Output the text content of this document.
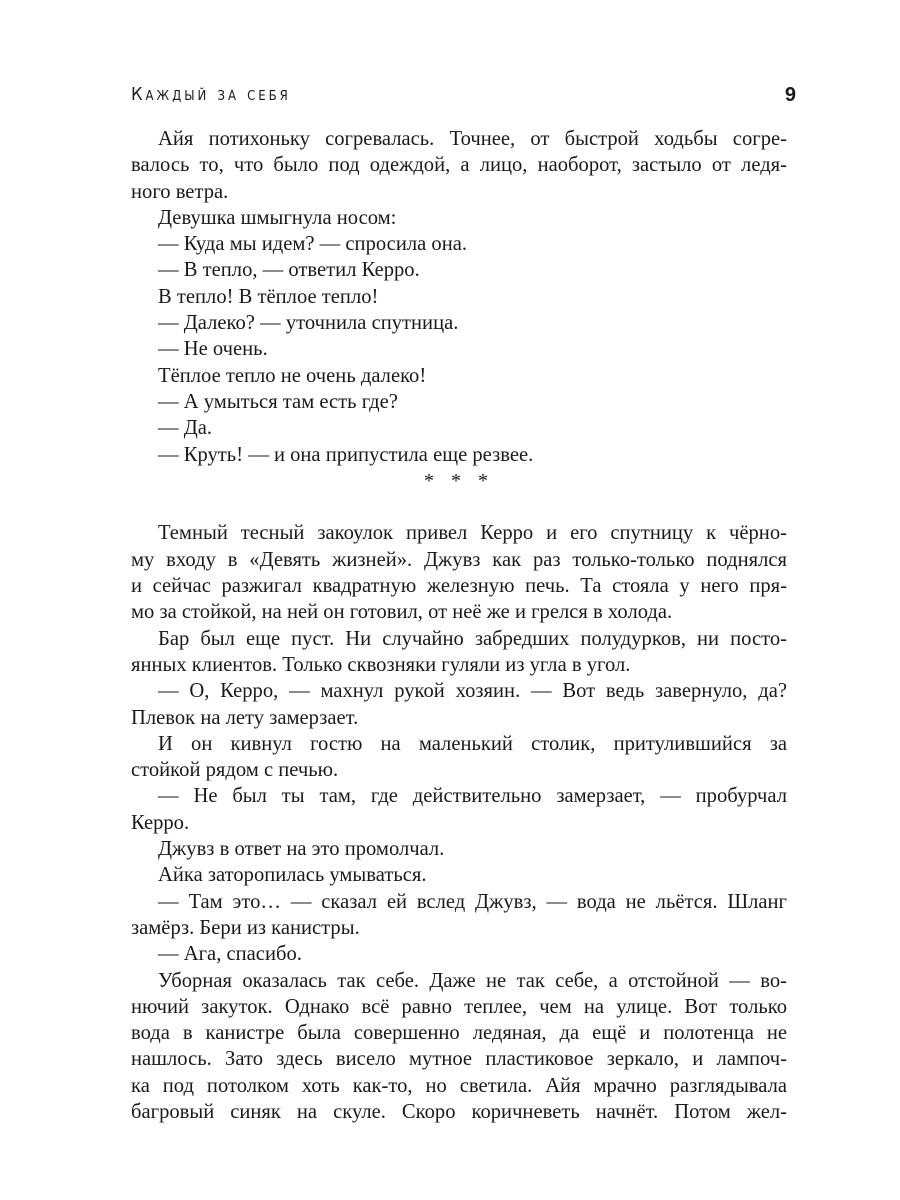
Каждый за себя	9
Айя потихоньку согревалась. Точнее, от быстрой ходьбы согре-
валось то, что было под одеждой, а лицо, наоборот, застыло от ледя-
ного ветра.
Девушка шмыгнула носом:
— Куда мы идем? — спросила она.
— В тепло, — ответил Керро.
В тепло! В тёплое тепло!
— Далеко? — уточнила спутница.
— Не очень.
Тёплое тепло не очень далеко!
— А умыться там есть где?
— Да.
— Круть! — и она припустила еще резвее.
* * *
Темный тесный закоулок привел Керро и его спутницу к чёрно-
му входу в «Девять жизней». Джувз как раз только-только поднялся
и сейчас разжигал квадратную железную печь. Та стояла у него пря-
мо за стойкой, на ней он готовил, от неё же и грелся в холода.
Бар был еще пуст. Ни случайно забредших полудурков, ни посто-
янных клиентов. Только сквозняки гуляли из угла в угол.
— О, Керро, — махнул рукой хозяин. — Вот ведь завернуло, да?
Плевок на лету замерзает.
И он кивнул гостю на маленький столик, притулившийся за
стойкой рядом с печью.
— Не был ты там, где действительно замерзает, — пробурчал
Керро.
Джувз в ответ на это промолчал.
Айка заторопилась умываться.
— Там это… — сказал ей вслед Джувз, — вода не льётся. Шланг
замёрз. Бери из канистры.
— Ага, спасибо.
Уборная оказалась так себе. Даже не так себе, а отстойной — во-
нючий закуток. Однако всё равно теплее, чем на улице. Вот только
вода в канистре была совершенно ледяная, да ещё и полотенца не
нашлось. Зато здесь висело мутное пластиковое зеркало, и лампоч-
ка под потолком хоть как-то, но светила. Айя мрачно разглядывала
багровый синяк на скуле. Скоро коричневеть начнёт. Потом жел-
